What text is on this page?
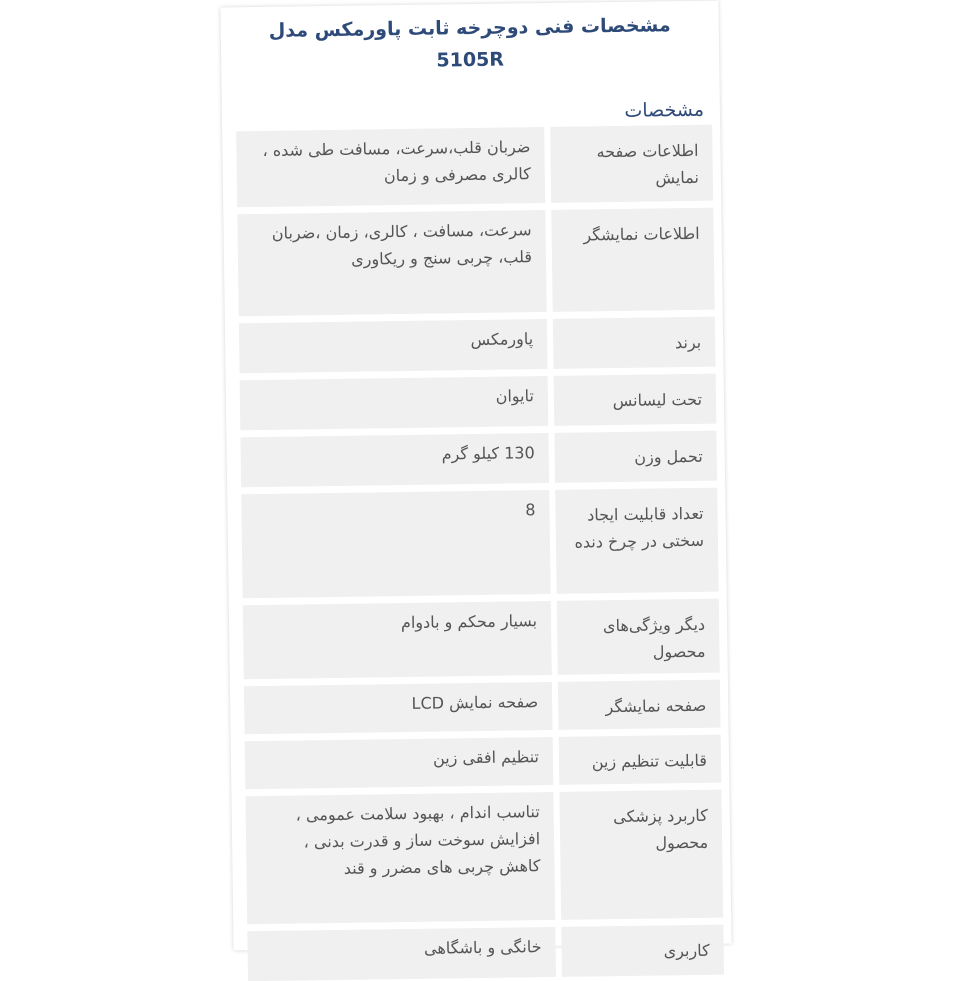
مشخصات فنی دوچرخه ثابت پاورمکس مدل 5105R
مشخصات
اطلاعات صفحه نمایش
ضربان قلب،سرعت، مسافت طی شده ، کالری مصرفی و زمان
اطلاعات نمایشگر
سرعت، مسافت ، کالری، زمان ،ضربان قلب، چربی سنج و ریکاوری
برند
پاورمکس
تحت لیسانس
تایوان
تحمل وزن
130 کیلو گرم
تعداد قابلیت ایجاد سختی در چرخ دنده
8
دیگر ویژگی‌های محصول
بسیار محکم و بادوام
صفحه نمایشگر
صفحه نمایش LCD
قابلیت تنظیم زین
تنظیم افقی زین
کاربرد پزشکی محصول
تناسب اندام ، بهبود سلامت عمومی ، افزایش سوخت ساز و قدرت بدنی ، کاهش چربی های مضرر و قند
کاربری
خانگی و باشگاهی
